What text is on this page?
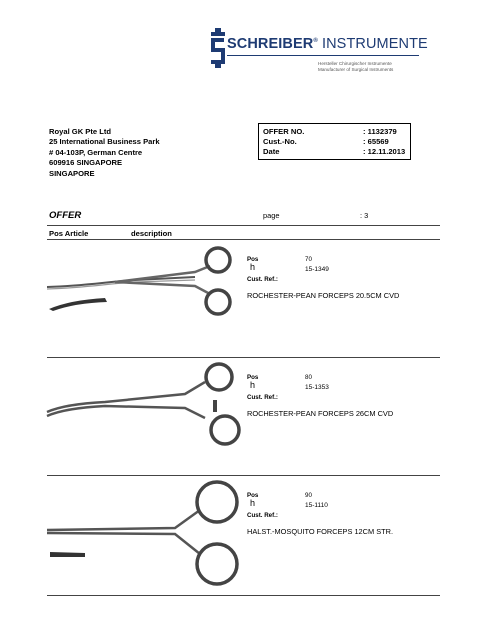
SCHREIBER® INSTRUMENTE
Hersteller Chirurgischer Instrumente
Manufacturer of Surgical Instruments
Royal GK Pte Ltd
25 International Business Park
# 04-103P, German Centre
609916 SINGAPORE
SINGAPORE
OFFER NO.	: 1132379
Cust.-No.	: 65569
Date	: 12.11.2013
OFFER	page	: 3
Pos Article	description
Pos	70
h	15-1349
Cust. Ref.:
ROCHESTER-PEAN FORCEPS 20.5CM CVD
Pos	80
h	15-1353
Cust. Ref.:
ROCHESTER-PEAN FORCEPS 26CM CVD
Pos	90
h	15-1110
Cust. Ref.:
HALST.-MOSQUITO FORCEPS 12CM STR.
